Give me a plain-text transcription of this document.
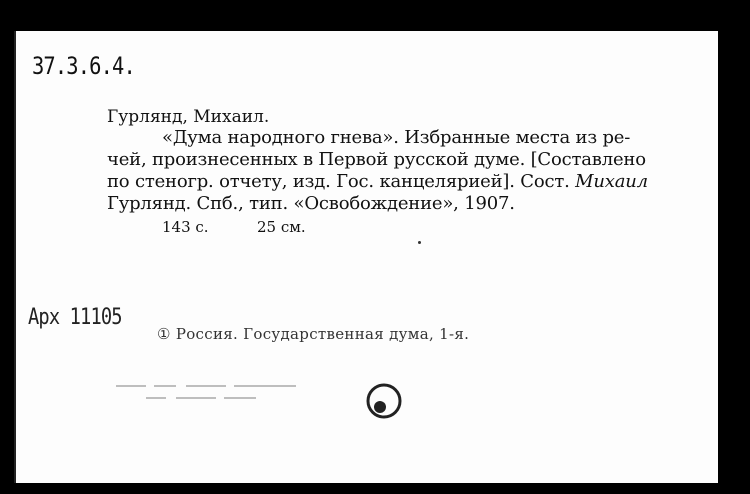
37.3.6.4.
Гурлянд, Михаил.
«Дума народного гнева». Избранные места из ре-
чей, произнесенных в Первой русской думе. [Составлено
по стеногр. отчету, изд. Гос. канцелярией]. Сост. Михаил
Гурлянд. Спб., тип. «Освобождение», 1907.
143 с.	25 см.
Арх 11105
① Россия. Государственная дума, 1-я.
